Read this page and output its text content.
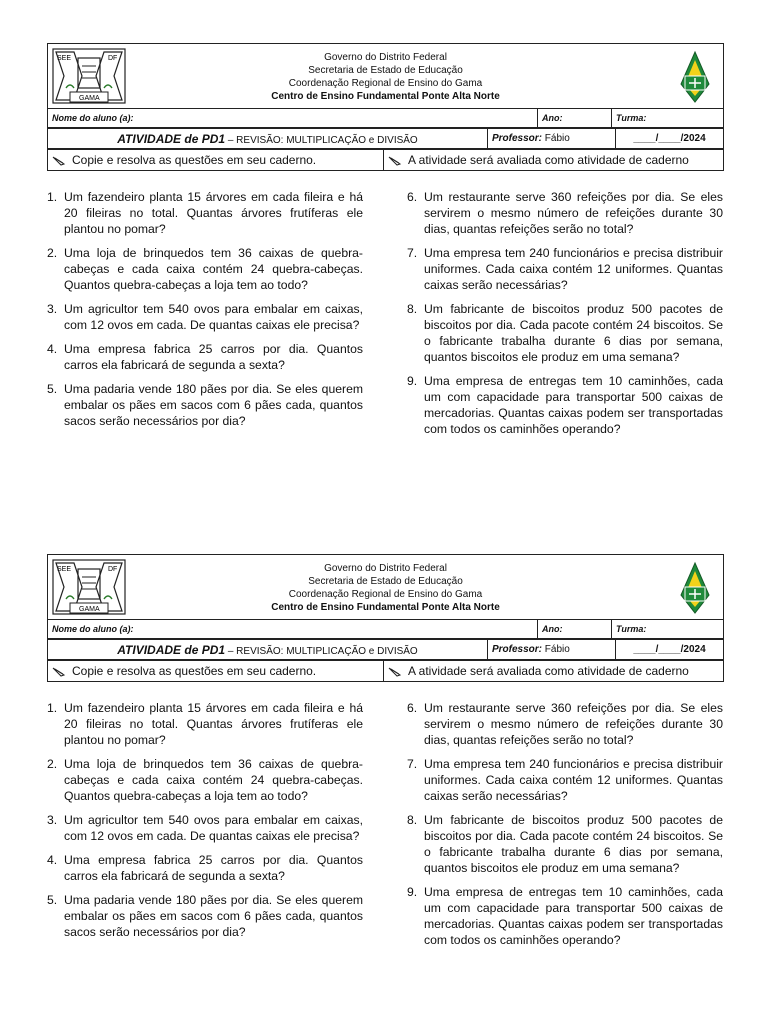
SEE	DF
GAMA
Governo do Distrito Federal
Secretaria de Estado de Educação
Coordenação Regional de Ensino do Gama
Centro de Ensino Fundamental Ponte Alta Norte

Nome do aluno (a):	Ano:	Turma:
ATIVIDADE de PD1 – REVISÃO: MULTIPLICAÇÃO e DIVISÃO	Professor: Fábio	____/____/2024
Copie e resolva as questões em seu caderno.	A atividade será avaliada como atividade de caderno
1. Um fazendeiro planta 15 árvores em cada fileira e há 20 fileiras no total. Quantas árvores frutíferas ele plantou no pomar?
2. Uma loja de brinquedos tem 36 caixas de quebra-cabeças e cada caixa contém 24 quebra-cabeças. Quantos quebra-cabeças a loja tem ao todo?
3. Um agricultor tem 540 ovos para embalar em caixas, com 12 ovos em cada. De quantas caixas ele precisa?
4. Uma empresa fabrica 25 carros por dia. Quantos carros ela fabricará de segunda a sexta?
5. Uma padaria vende 180 pães por dia. Se eles querem embalar os pães em sacos com 6 pães cada, quantos sacos serão necessários por dia?
6. Um restaurante serve 360 refeições por dia. Se eles servirem o mesmo número de refeições durante 30 dias, quantas refeições serão no total?
7. Uma empresa tem 240 funcionários e precisa distribuir uniformes. Cada caixa contém 12 uniformes. Quantas caixas serão necessárias?
8. Um fabricante de biscoitos produz 500 pacotes de biscoitos por dia. Cada pacote contém 24 biscoitos. Se o fabricante trabalha durante 6 dias por semana, quantos biscoitos ele produz em uma semana?
9. Uma empresa de entregas tem 10 caminhões, cada um com capacidade para transportar 500 caixas de mercadorias. Quantas caixas podem ser transportadas com todos os caminhões operando?
SEE	DF
GAMA
Governo do Distrito Federal
Secretaria de Estado de Educação
Coordenação Regional de Ensino do Gama
Centro de Ensino Fundamental Ponte Alta Norte

Nome do aluno (a):	Ano:	Turma:
ATIVIDADE de PD1 – REVISÃO: MULTIPLICAÇÃO e DIVISÃO	Professor: Fábio	____/____/2024
Copie e resolva as questões em seu caderno.	A atividade será avaliada como atividade de caderno
1. Um fazendeiro planta 15 árvores em cada fileira e há 20 fileiras no total. Quantas árvores frutíferas ele plantou no pomar?
2. Uma loja de brinquedos tem 36 caixas de quebra-cabeças e cada caixa contém 24 quebra-cabeças. Quantos quebra-cabeças a loja tem ao todo?
3. Um agricultor tem 540 ovos para embalar em caixas, com 12 ovos em cada. De quantas caixas ele precisa?
4. Uma empresa fabrica 25 carros por dia. Quantos carros ela fabricará de segunda a sexta?
5. Uma padaria vende 180 pães por dia. Se eles querem embalar os pães em sacos com 6 pães cada, quantos sacos serão necessários por dia?
6. Um restaurante serve 360 refeições por dia. Se eles servirem o mesmo número de refeições durante 30 dias, quantas refeições serão no total?
7. Uma empresa tem 240 funcionários e precisa distribuir uniformes. Cada caixa contém 12 uniformes. Quantas caixas serão necessárias?
8. Um fabricante de biscoitos produz 500 pacotes de biscoitos por dia. Cada pacote contém 24 biscoitos. Se o fabricante trabalha durante 6 dias por semana, quantos biscoitos ele produz em uma semana?
9. Uma empresa de entregas tem 10 caminhões, cada um com capacidade para transportar 500 caixas de mercadorias. Quantas caixas podem ser transportadas com todos os caminhões operando?
